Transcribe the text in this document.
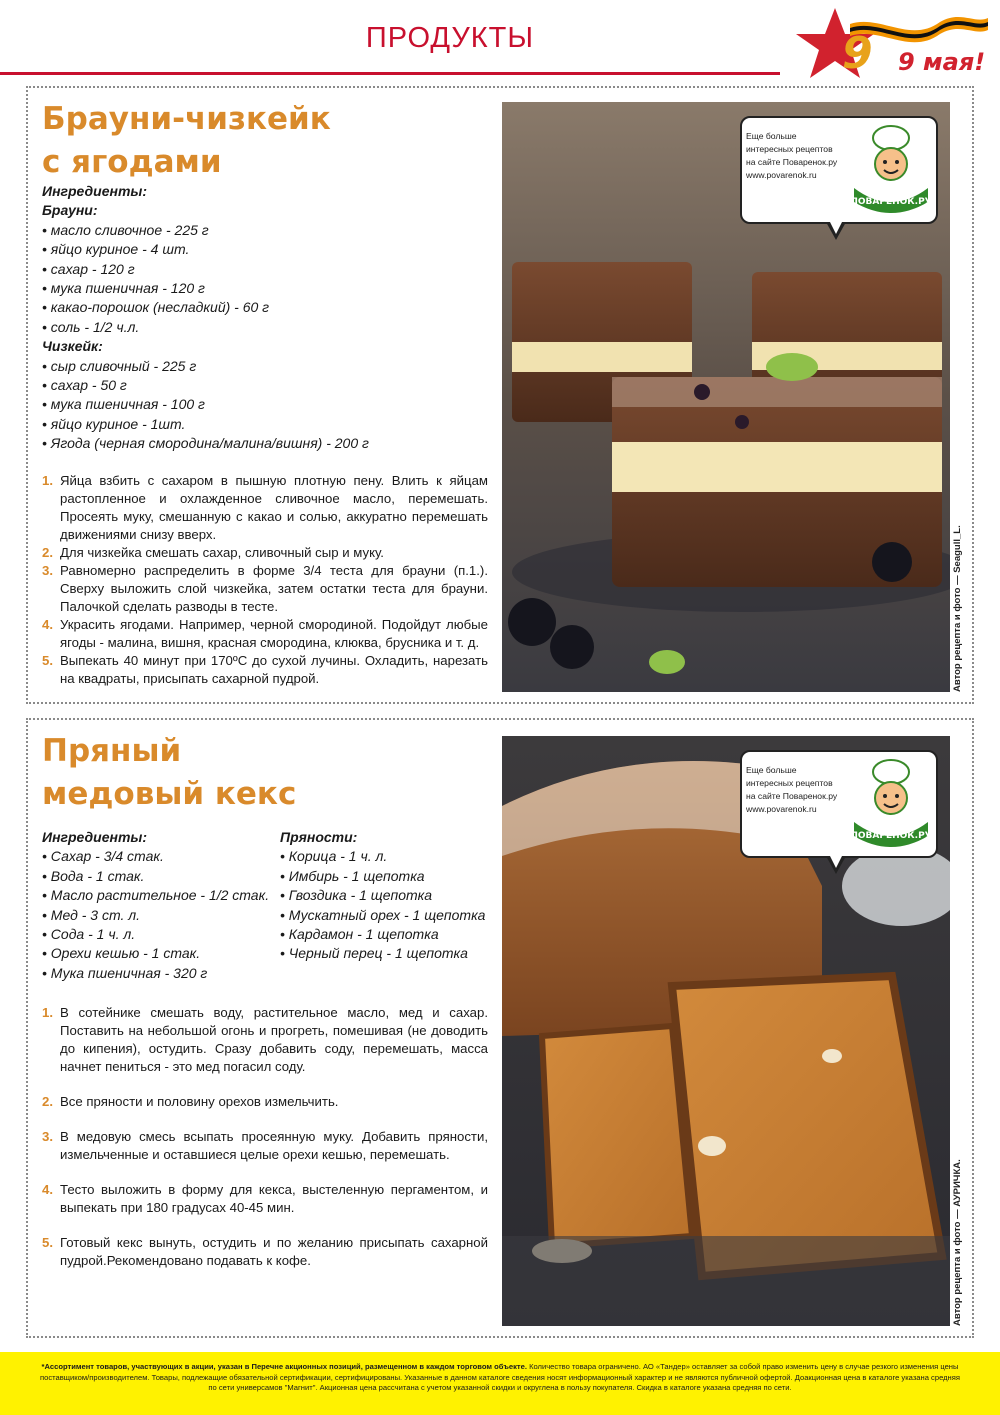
ПРОДУКТЫ	9 9 мая!
Брауни-чизкейк
с ягодами
Ингредиенты:
Брауни:
• масло сливочное - 225 г
• яйцо куриное - 4 шт.
• сахар - 120 г
• мука пшеничная - 120 г
• какао-порошок (несладкий) - 60 г
• соль - 1/2 ч.л.
Чизкейк:
• сыр сливочный - 225 г
• сахар - 50 г
• мука пшеничная - 100 г
• яйцо куриное - 1шт.
• Ягода (черная смородина/малина/вишня) - 200 г
1. Яйца взбить с сахаром в пышную плотную пену. Влить к яйцам растопленное и охлажденное сливочное масло, перемешать. Просеять муку, смешанную с какао и солью, аккуратно перемешать движениями снизу вверх.
2. Для чизкейка смешать сахар, сливочный сыр и муку.
3. Равномерно распределить в форме 3/4 теста для брауни (п.1.). Сверху выложить слой чизкейка, затем остатки теста для брауни. Палочкой сделать разводы в тесте.
4. Украсить ягодами. Например, черной смородиной. Подойдут любые ягоды - малина, вишня, красная смородина, клюква, брусника и т. д.
5. Выпекать 40 минут при 170ºС до сухой лучины. Охладить, нарезать на квадраты, присыпать сахарной пудрой.
Еще больше
интересных рецептов
на сайте Поваренок.ру
www.povarenok.ru
ПОВАРЁНОК.РУ
Автор рецепта и фото — Seagull_L.
Пряный
медовый кекс
Ингредиенты:
• Сахар - 3/4 стак.
• Вода - 1 стак.
• Масло растительное - 1/2 стак.
• Мед - 3 ст. л.
• Сода - 1 ч. л.
• Орехи кешью - 1 стак.
• Мука пшеничная - 320 г
Пряности:
• Корица - 1 ч. л.
• Имбирь - 1 щепотка
• Гвоздика - 1 щепотка
• Мускатный орех - 1 щепотка
• Кардамон - 1 щепотка
• Черный перец - 1 щепотка
1. В сотейнике смешать воду, растительное масло, мед и сахар. Поставить на небольшой огонь и прогреть, помешивая (не доводить до кипения), остудить. Сразу добавить соду, перемешать, масса начнет пениться - это мед погасил соду.
2. Все пряности и половину орехов измельчить.
3. В медовую смесь всыпать просеянную муку. Добавить пряности, измельченные и оставшиеся целые орехи кешью, перемешать.
4. Тесто выложить в форму для кекса, выстеленную пергаментом, и выпекать при 180 градусах 40-45 мин.
5. Готовый кекс вынуть, остудить и по желанию присыпать сахарной пудрой.Рекомендовано подавать к кофе.
Еще больше
интересных рецептов
на сайте Поваренок.ру
www.povarenok.ru
ПОВАРЁНОК.РУ
Автор рецепта и фото — АУРИЧКА.
*Ассортимент товаров, участвующих в акции, указан в Перечне акционных позиций, размещенном в каждом торговом объекте. Количество товара ограничено. АО «Тандер» оставляет за собой право изменить цену в случае резкого изменения цены поставщиком/производителем. Товары, подлежащие обязательной сертификации, сертифицированы. Указанные в данном каталоге сведения носят информационный характер и не являются публичной офертой. Доакционная цена в каталоге указана средняя по сети универсамов "Магнит". Акционная цена рассчитана с учетом указанной скидки и округлена в пользу покупателя. Скидка в каталоге указана средняя по сети.
